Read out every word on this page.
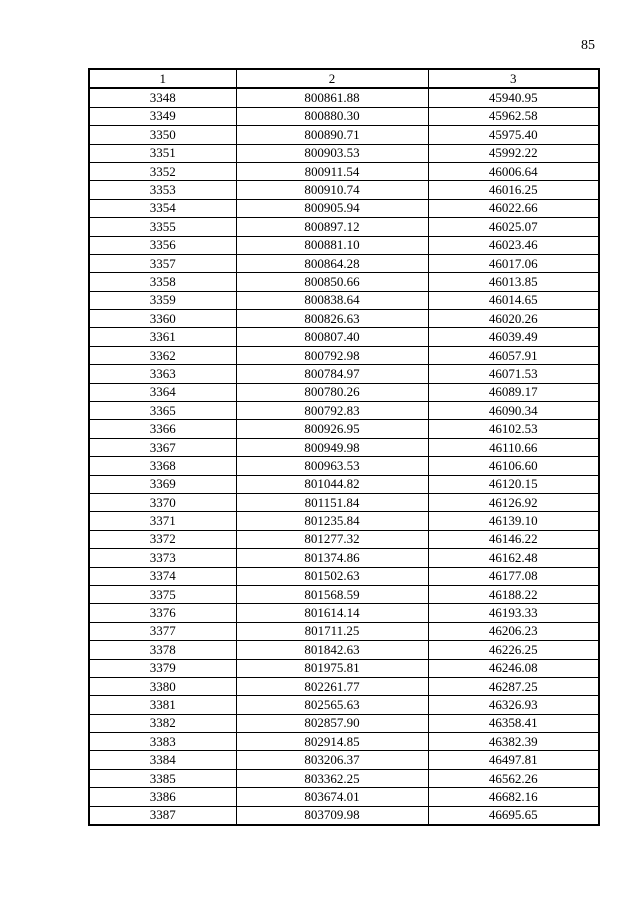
85
1	2	3
3348	800861.88	45940.95
3349	800880.30	45962.58
3350	800890.71	45975.40
3351	800903.53	45992.22
3352	800911.54	46006.64
3353	800910.74	46016.25
3354	800905.94	46022.66
3355	800897.12	46025.07
3356	800881.10	46023.46
3357	800864.28	46017.06
3358	800850.66	46013.85
3359	800838.64	46014.65
3360	800826.63	46020.26
3361	800807.40	46039.49
3362	800792.98	46057.91
3363	800784.97	46071.53
3364	800780.26	46089.17
3365	800792.83	46090.34
3366	800926.95	46102.53
3367	800949.98	46110.66
3368	800963.53	46106.60
3369	801044.82	46120.15
3370	801151.84	46126.92
3371	801235.84	46139.10
3372	801277.32	46146.22
3373	801374.86	46162.48
3374	801502.63	46177.08
3375	801568.59	46188.22
3376	801614.14	46193.33
3377	801711.25	46206.23
3378	801842.63	46226.25
3379	801975.81	46246.08
3380	802261.77	46287.25
3381	802565.63	46326.93
3382	802857.90	46358.41
3383	802914.85	46382.39
3384	803206.37	46497.81
3385	803362.25	46562.26
3386	803674.01	46682.16
3387	803709.98	46695.65
